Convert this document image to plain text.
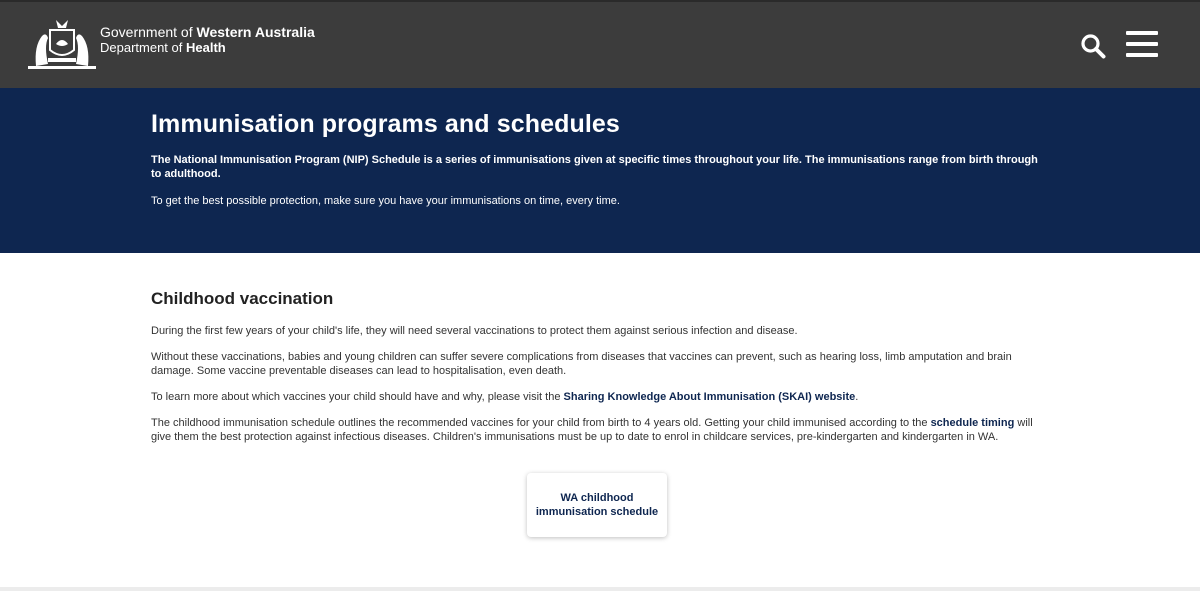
Government of Western Australia
Department of Health
Immunisation programs and schedules

The National Immunisation Program (NIP) Schedule is a series of immunisations given at specific times throughout your life. The immunisations range from birth through to adulthood.

To get the best possible protection, make sure you have your immunisations on time, every time.

Childhood vaccination

During the first few years of your child's life, they will need several vaccinations to protect them against serious infection and disease.

Without these vaccinations, babies and young children can suffer severe complications from diseases that vaccines can prevent, such as hearing loss, limb amputation and brain damage. Some vaccine preventable diseases can lead to hospitalisation, even death.

To learn more about which vaccines your child should have and why, please visit the Sharing Knowledge About Immunisation (SKAI) website.

The childhood immunisation schedule outlines the recommended vaccines for your child from birth to 4 years old. Getting your child immunised according to the schedule timing will give them the best protection against infectious diseases. Children's immunisations must be up to date to enrol in childcare services, pre-kindergarten and kindergarten in WA.

WA childhood immunisation schedule
